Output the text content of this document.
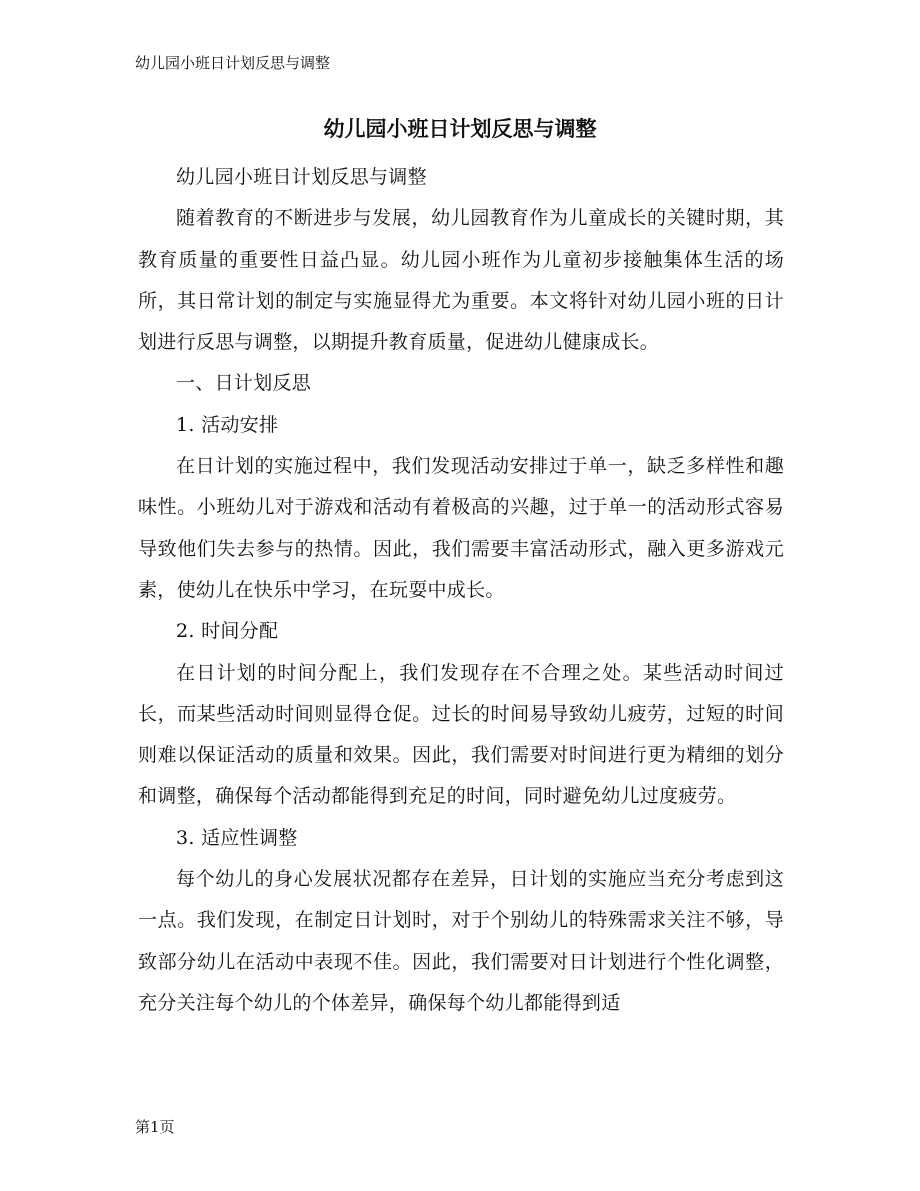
幼儿园小班日计划反思与调整
幼儿园小班日计划反思与调整

幼儿园小班日计划反思与调整

随着教育的不断进步与发展，幼儿园教育作为儿童成长的关键时期，其教育质量的重要性日益凸显。幼儿园小班作为儿童初步接触集体生活的场所，其日常计划的制定与实施显得尤为重要。本文将针对幼儿园小班的日计划进行反思与调整，以期提升教育质量，促进幼儿健康成长。

一、日计划反思

1. 活动安排

在日计划的实施过程中，我们发现活动安排过于单一，缺乏多样性和趣味性。小班幼儿对于游戏和活动有着极高的兴趣，过于单一的活动形式容易导致他们失去参与的热情。因此，我们需要丰富活动形式，融入更多游戏元素，使幼儿在快乐中学习，在玩耍中成长。

2. 时间分配

在日计划的时间分配上，我们发现存在不合理之处。某些活动时间过长，而某些活动时间则显得仓促。过长的时间易导致幼儿疲劳，过短的时间则难以保证活动的质量和效果。因此，我们需要对时间进行更为精细的划分和调整，确保每个活动都能得到充足的时间，同时避免幼儿过度疲劳。

3. 适应性调整

每个幼儿的身心发展状况都存在差异，日计划的实施应当充分考虑到这一点。我们发现，在制定日计划时，对于个别幼儿的特殊需求关注不够，导致部分幼儿在活动中表现不佳。因此，我们需要对日计划进行个性化调整，充分关注每个幼儿的个体差异，确保每个幼儿都能得到适

第1页
